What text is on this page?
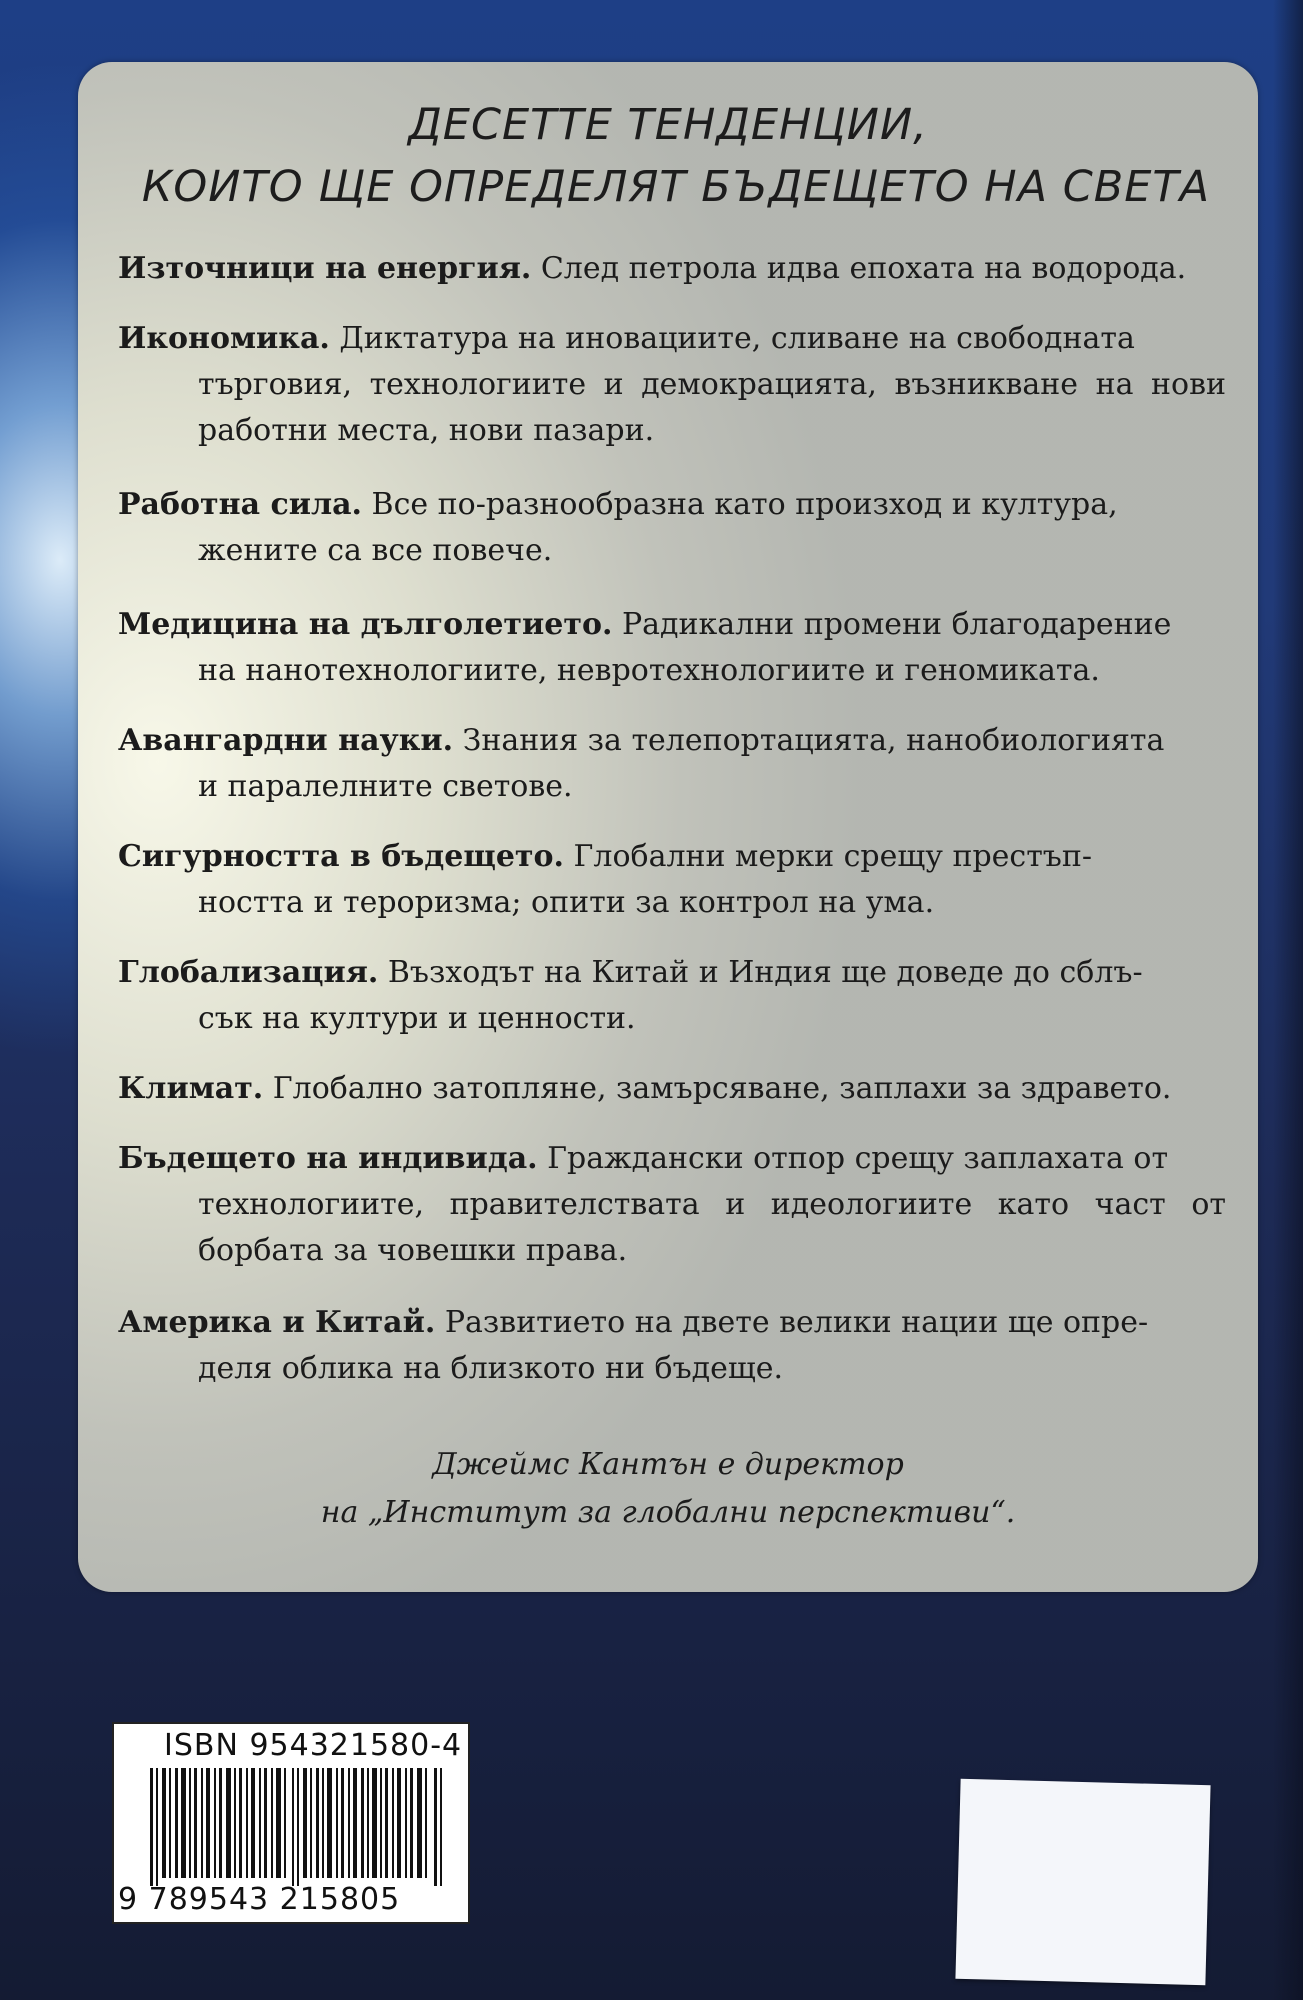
ДЕСЕТТЕ ТЕНДЕНЦИИ,

КОИТО ЩЕ ОПРЕДЕЛЯТ БЪДЕЩЕТО НА СВЕТА

Източници на енергия. След петрола идва епохата на водорода.

Икономика. Диктатура на иновациите, сливане на свободната
търговия, технологиите и демокрацията, възникване на нови работни места, нови пазари.

Работна сила. Все по-разнообразна като произход и култура,
жените са все повече.

Медицина на дълголетието. Радикални промени благодарение
на нанотехнологиите, невротехнологиите и геномиката.

Авангардни науки. Знания за телепортацията, нанобиологията
и паралелните светове.

Сигурността в бъдещето. Глобални мерки срещу престъп-
ността и тероризма; опити за контрол на ума.

Глобализация. Възходът на Китай и Индия ще доведе до сблъ-
сък на култури и ценности.

Климат. Глобално затопляне, замърсяване, заплахи за здравето.

Бъдещето на индивида. Граждански отпор срещу заплахата от
технологиите, правителствата и идеологиите като част от борбата за човешки права.

Америка и Китай. Развитието на двете велики нации ще опре-
деля облика на близкото ни бъдеще.

Джеймс Кантън е директор

на „Институт за глобални перспективи“.

ISBN 954321580-4
9 789543 215805
